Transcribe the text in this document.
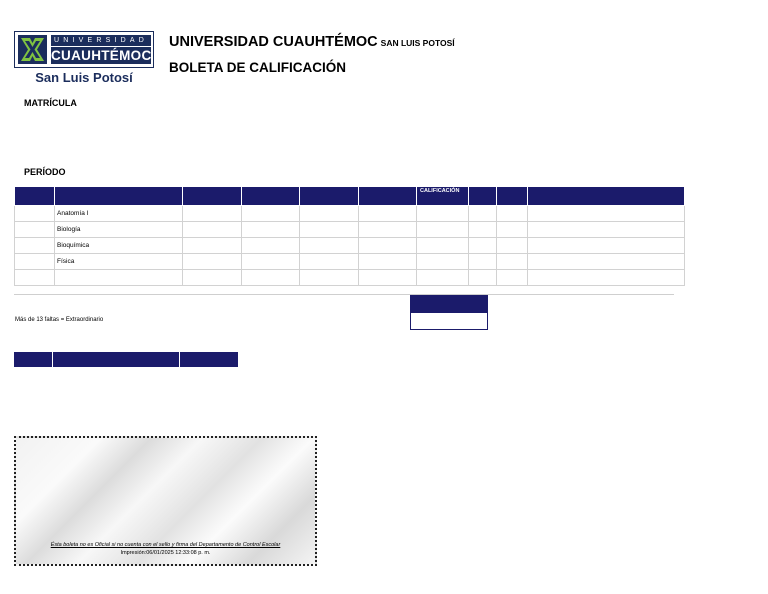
UNIVERSIDAD
CUAUHTÉMOC
San Luis Potosí
UNIVERSIDAD CUAUHTÉMOC SAN LUIS POTOSÍ
BOLETA DE CALIFICACIÓN
MATRÍCULA
PERÍODO
						CALIFICACIÓN			
	Anatomía I								
	Biología								
	Bioquímica								
	Física								

Más de 13 faltas = Extraordinario
Ésta boleta no es Oficial si no cuenta con el sello y firma del Departamento de Control Escolar
Impresión:06/01/2025 12:33:08 p. m.
